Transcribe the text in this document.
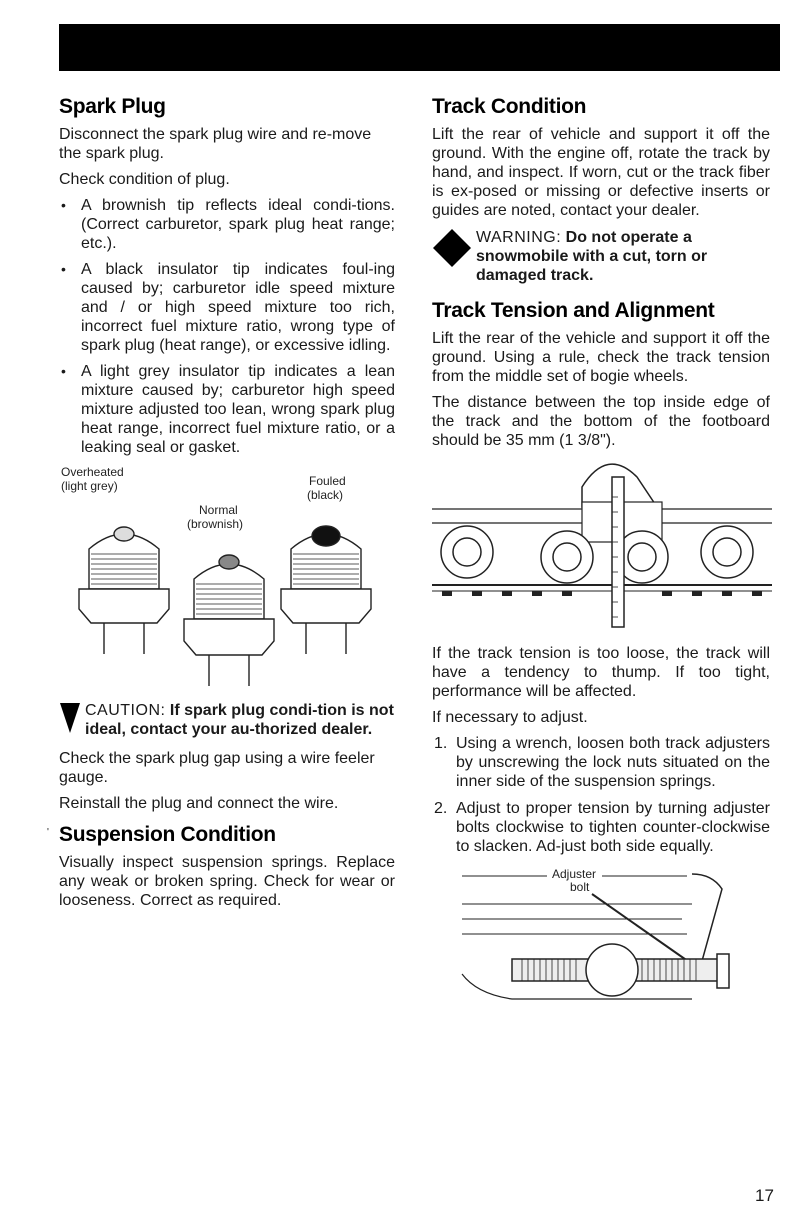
Spark Plug

Disconnect the spark plug wire and re-move the spark plug.

Check condition of plug.

• A brownish tip reflects ideal condi-tions. (Correct carburetor, spark plug heat range; etc.).
• A black insulator tip indicates foul-ing caused by; carburetor idle speed mixture and / or high speed mixture too rich, incorrect fuel mixture ratio, wrong type of spark plug (heat range), or excessive idling.
• A light grey insulator tip indicates a lean mixture caused by; carburetor high speed mixture adjusted too lean, wrong spark plug heat range, incorrect fuel mixture ratio, or a leaking seal or gasket.
Overheated
(light grey)
Normal
(brownish)
Fouled
(black)
CAUTION: If spark plug condi-tion is not ideal, contact your au-thorized dealer.

Check the spark plug gap using a wire feeler gauge.

Reinstall the plug and connect the wire.

Suspension Condition

Visually inspect suspension springs. Replace any weak or broken spring. Check for wear or looseness. Correct as required.

Track Condition

Lift the rear of vehicle and support it off the ground. With the engine off, rotate the track by hand, and inspect. If worn, cut or the track fiber is ex-posed or missing or defective inserts or guides are noted, contact your dealer.

WARNING: Do not operate a snowmobile with a cut, torn or damaged track.
Track Tension and Alignment

Lift the rear of the vehicle and support it off the ground. Using a rule, check the track tension from the middle set of bogie wheels.

The distance between the top inside edge of the track and the bottom of the footboard should be 35 mm (1 3/8").

If the track tension is too loose, the track will have a tendency to thump. If too tight, performance will be affected.

If necessary to adjust.

1. Using a wrench, loosen both track adjusters by unscrewing the lock nuts situated on the inner side of the suspension springs.
2. Adjust to proper tension by turning adjuster bolts clockwise to tighten counter-clockwise to slacken. Ad-just both side equally.
Adjuster
bolt
'
17
